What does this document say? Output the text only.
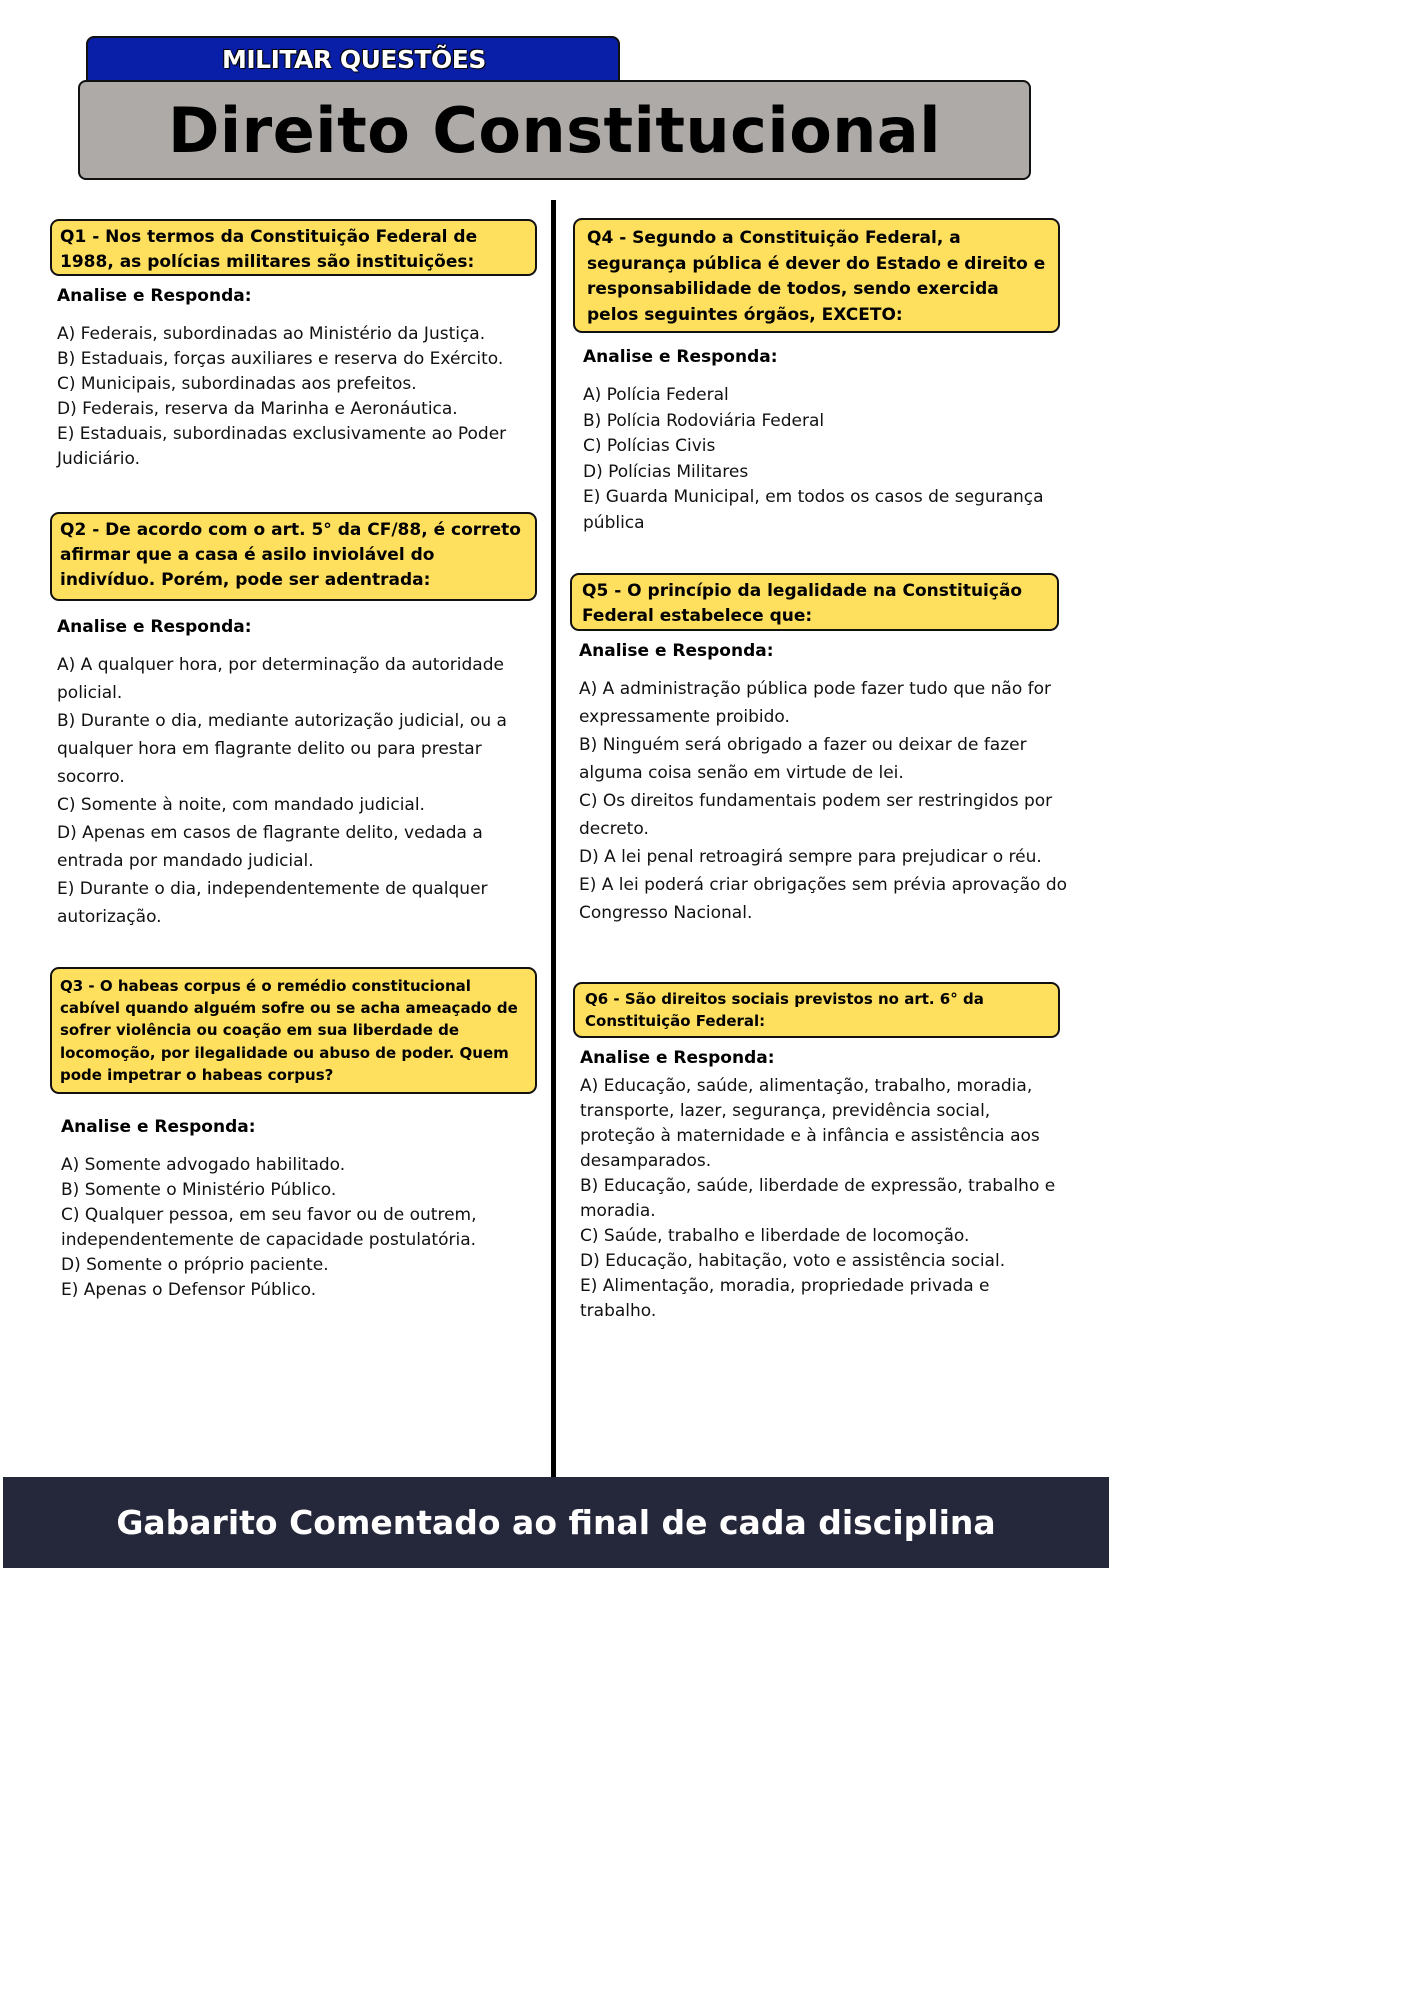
MILITAR QUESTÕES
Direito Constitucional

Q1 - Nos termos da Constituição Federal de 1988, as polícias militares são instituições:

Analise e Responda:
A) Federais, subordinadas ao Ministério da Justiça.
B) Estaduais, forças auxiliares e reserva do Exército.
C) Municipais, subordinadas aos prefeitos.
D) Federais, reserva da Marinha e Aeronáutica.
E) Estaduais, subordinadas exclusivamente ao Poder Judiciário.

Q2 - De acordo com o art. 5° da CF/88, é correto afirmar que a casa é asilo inviolável do indivíduo. Porém, pode ser adentrada:

Analise e Responda:
A) A qualquer hora, por determinação da autoridade policial.
B) Durante o dia, mediante autorização judicial, ou a qualquer hora em flagrante delito ou para prestar socorro.
C) Somente à noite, com mandado judicial.
D) Apenas em casos de flagrante delito, vedada a entrada por mandado judicial.
E) Durante o dia, independentemente de qualquer autorização.

Q3 - O habeas corpus é o remédio constitucional cabível quando alguém sofre ou se acha ameaçado de sofrer violência ou coação em sua liberdade de locomoção, por ilegalidade ou abuso de poder. Quem pode impetrar o habeas corpus?

Analise e Responda:
A) Somente advogado habilitado.
B) Somente o Ministério Público.
C) Qualquer pessoa, em seu favor ou de outrem, independentemente de capacidade postulatória.
D) Somente o próprio paciente.
E) Apenas o Defensor Público.

Q4 - Segundo a Constituição Federal, a segurança pública é dever do Estado e direito e responsabilidade de todos, sendo exercida pelos seguintes órgãos, EXCETO:

Analise e Responda:
A) Polícia Federal
B) Polícia Rodoviária Federal
C) Polícias Civis
D) Polícias Militares
E) Guarda Municipal, em todos os casos de segurança pública

Q5 - O princípio da legalidade na Constituição Federal estabelece que:

Analise e Responda:
A) A administração pública pode fazer tudo que não for expressamente proibido.
B) Ninguém será obrigado a fazer ou deixar de fazer alguma coisa senão em virtude de lei.
C) Os direitos fundamentais podem ser restringidos por decreto.
D) A lei penal retroagirá sempre para prejudicar o réu.
E) A lei poderá criar obrigações sem prévia aprovação do Congresso Nacional.

Q6 - São direitos sociais previstos no art. 6° da Constituição Federal:

Analise e Responda:
A) Educação, saúde, alimentação, trabalho, moradia, transporte, lazer, segurança, previdência social, proteção à maternidade e à infância e assistência aos desamparados.
B) Educação, saúde, liberdade de expressão, trabalho e moradia.
C) Saúde, trabalho e liberdade de locomoção.
D) Educação, habitação, voto e assistência social.
E) Alimentação, moradia, propriedade privada e trabalho.
Gabarito Comentado ao final de cada disciplina
